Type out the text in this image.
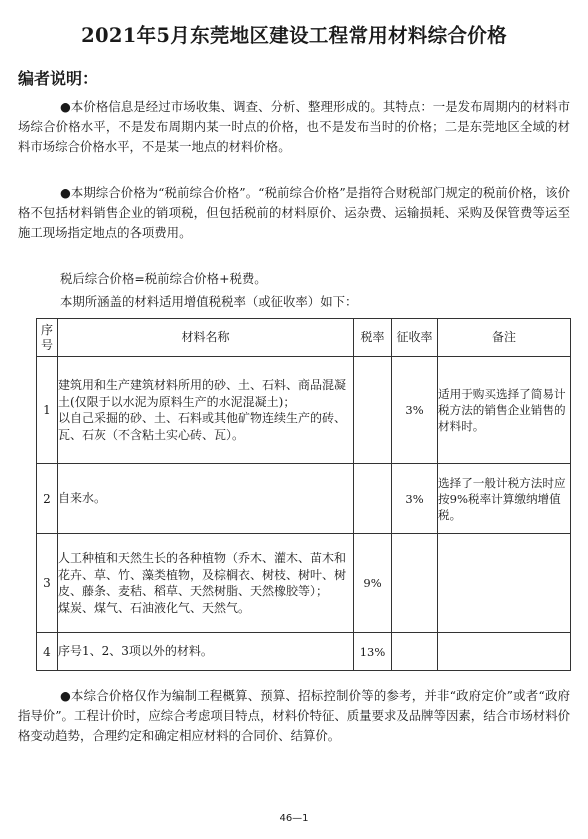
2021年5月东莞地区建设工程常用材料综合价格
编者说明：

●本价格信息是经过市场收集、调查、分析、整理形成的。其特点：一是发布周期内的材料市场综合价格水平，不是发布周期内某一时点的价格，也不是发布当时的价格；二是东莞地区全域的材料市场综合价格水平，不是某一地点的材料价格。

●本期综合价格为“税前综合价格”。“税前综合价格”是指符合财税部门规定的税前价格，该价格不包括材料销售企业的销项税，但包括税前的材料原价、运杂费、运输损耗、采购及保管费等运至施工现场指定地点的各项费用。

税后综合价格=税前综合价格+税费。

本期所涵盖的材料适用增值税税率（或征收率）如下：

序号	材料名称	税率	征收率	备注
1	建筑用和生产建筑材料所用的砂、土、石料、商品混凝土(仅限于以水泥为原料生产的水泥混凝土)；
以自己采掘的砂、土、石料或其他矿物连续生产的砖、瓦、石灰（不含粘土实心砖、瓦）。		3%	适用于购买选择了简易计税方法的销售企业销售的材料时。
2	自来水。		3%	选择了一般计税方法时应按9%税率计算缴纳增值税。
3	人工种植和天然生长的各种植物（乔木、灌木、苗木和花卉、草、竹、藻类植物，及棕榈衣、树枝、树叶、树皮、藤条、麦秸、稻草、天然树脂、天然橡胶等）；
煤炭、煤气、石油液化气、天然气。	9%		
4	序号1、2、3项以外的材料。	13%		

●本综合价格仅作为编制工程概算、预算、招标控制价等的参考，并非“政府定价”或者“政府指导价”。工程计价时，应综合考虑项目特点，材料价特征、质量要求及品牌等因素，结合市场材料价格变动趋势，合理约定和确定相应材料的合同价、结算价。

46—1
